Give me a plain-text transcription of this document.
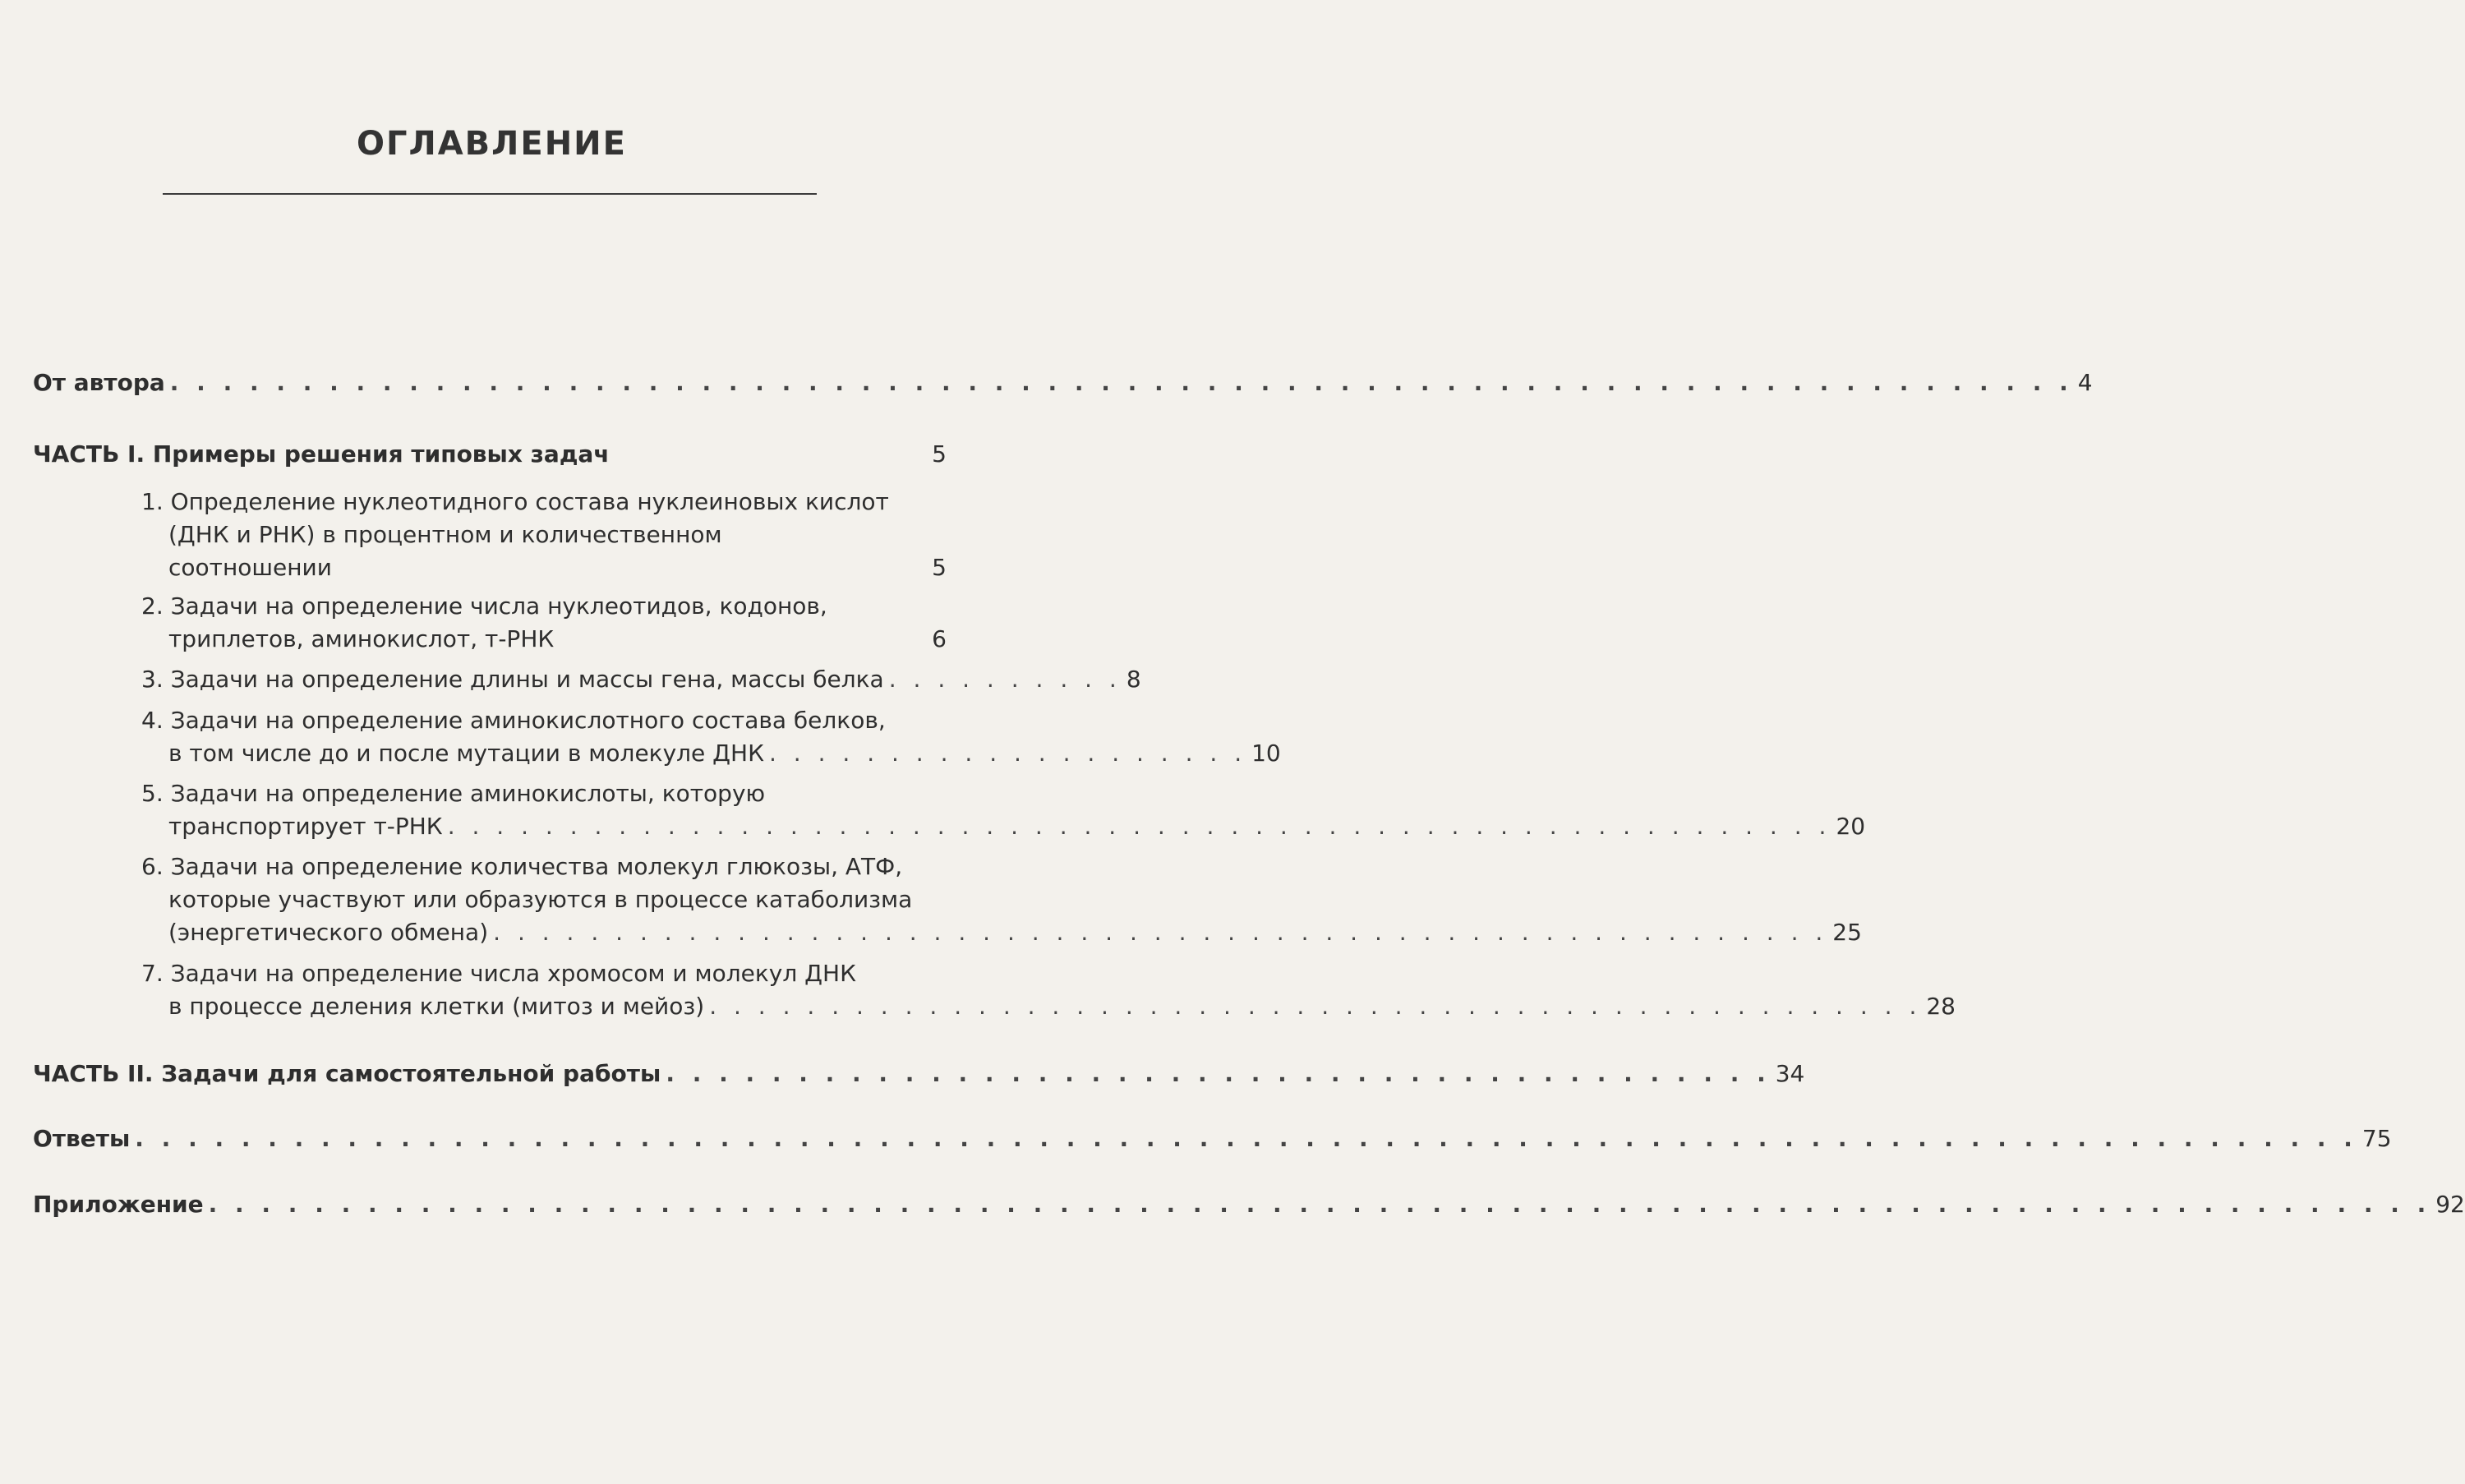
ОГЛАВЛЕНИЕ
От автора . . . . . . . . . . . . . . . . . . . . . . . . . . . . . . . . . . . . . . . . . . . . . . . . . . . . . . . . . . . . . . . . . . . . . . . . 4
ЧАСТЬ I. Примеры решения типовых задач	5
1. Определение нуклеотидного состава нуклеиновых кислот
(ДНК и РНК) в процентном и количественном
соотношении	5
2. Задачи на определение числа нуклеотидов, кодонов,
триплетов, аминокислот, т-РНК	6
3. Задачи на определение длины и массы гена, массы белка . . . . . . . . . . 8
4. Задачи на определение аминокислотного состава белков,
в том числе до и после мутации в молекуле ДНК . . . . . . . . . . . . . . . . . . . . 10
5. Задачи на определение аминокислоты, которую
транспортирует т-РНК . . . . . . . . . . . . . . . . . . . . . . . . . . . . . . . . . . . . . . . . . . . . . . . . . . . . . . . . . 20
6. Задачи на определение количества молекул глюкозы, АТФ,
которые участвуют или образуются в процессе катаболизма
(энергетического обмена) . . . . . . . . . . . . . . . . . . . . . . . . . . . . . . . . . . . . . . . . . . . . . . . . . . . . . . . 25
7. Задачи на определение числа хромосом и молекул ДНК
в процессе деления клетки (митоз и мейоз) . . . . . . . . . . . . . . . . . . . . . . . . . . . . . . . . . . . . . . . . . . . . . . . . . . 28
ЧАСТЬ II. Задачи для самостоятельной работы . . . . . . . . . . . . . . . . . . . . . . . . . . . . . . . . . . . . . . . . . . 34
Ответы . . . . . . . . . . . . . . . . . . . . . . . . . . . . . . . . . . . . . . . . . . . . . . . . . . . . . . . . . . . . . . . . . . . . . . . . . . . . . . . . . . . . 75
Приложение . . . . . . . . . . . . . . . . . . . . . . . . . . . . . . . . . . . . . . . . . . . . . . . . . . . . . . . . . . . . . . . . . . . . . . . . . . . . . . . . . . . . 92
